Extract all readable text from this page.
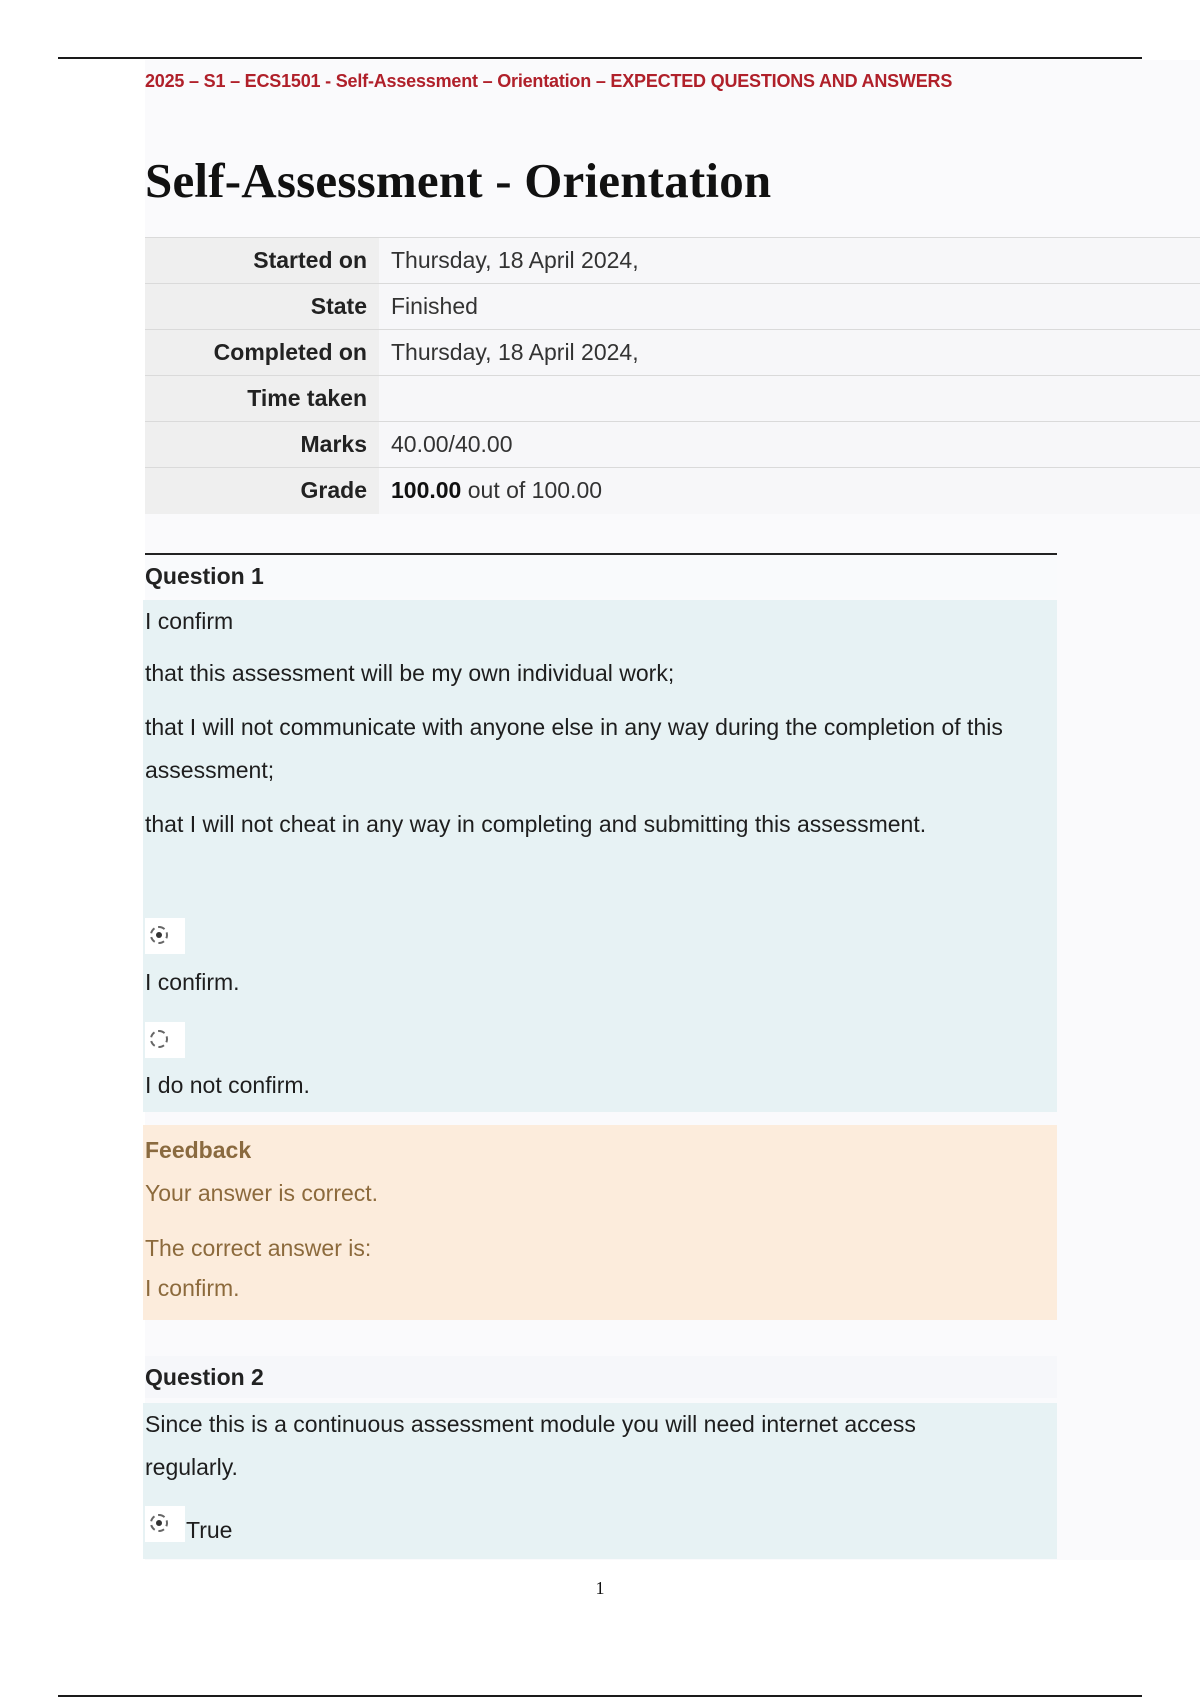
2025 – S1 – ECS1501 - Self-Assessment – Orientation – EXPECTED QUESTIONS AND ANSWERS
Self-Assessment - Orientation
Started on	Thursday, 18 April 2024,
State	Finished
Completed on	Thursday, 18 April 2024,
Time taken	
Marks	40.00/40.00
Grade	100.00 out of 100.00
Question 1

I confirm

that this assessment will be my own individual work;

that I will not communicate with anyone else in any way during the completion of this

assessment;

that I will not cheat in any way in completing and submitting this assessment.

I confirm.

I do not confirm.

Feedback

Your answer is correct.

The correct answer is:

I confirm.

Question 2

Since this is a continuous assessment module you will need internet access

regularly.

True

1
